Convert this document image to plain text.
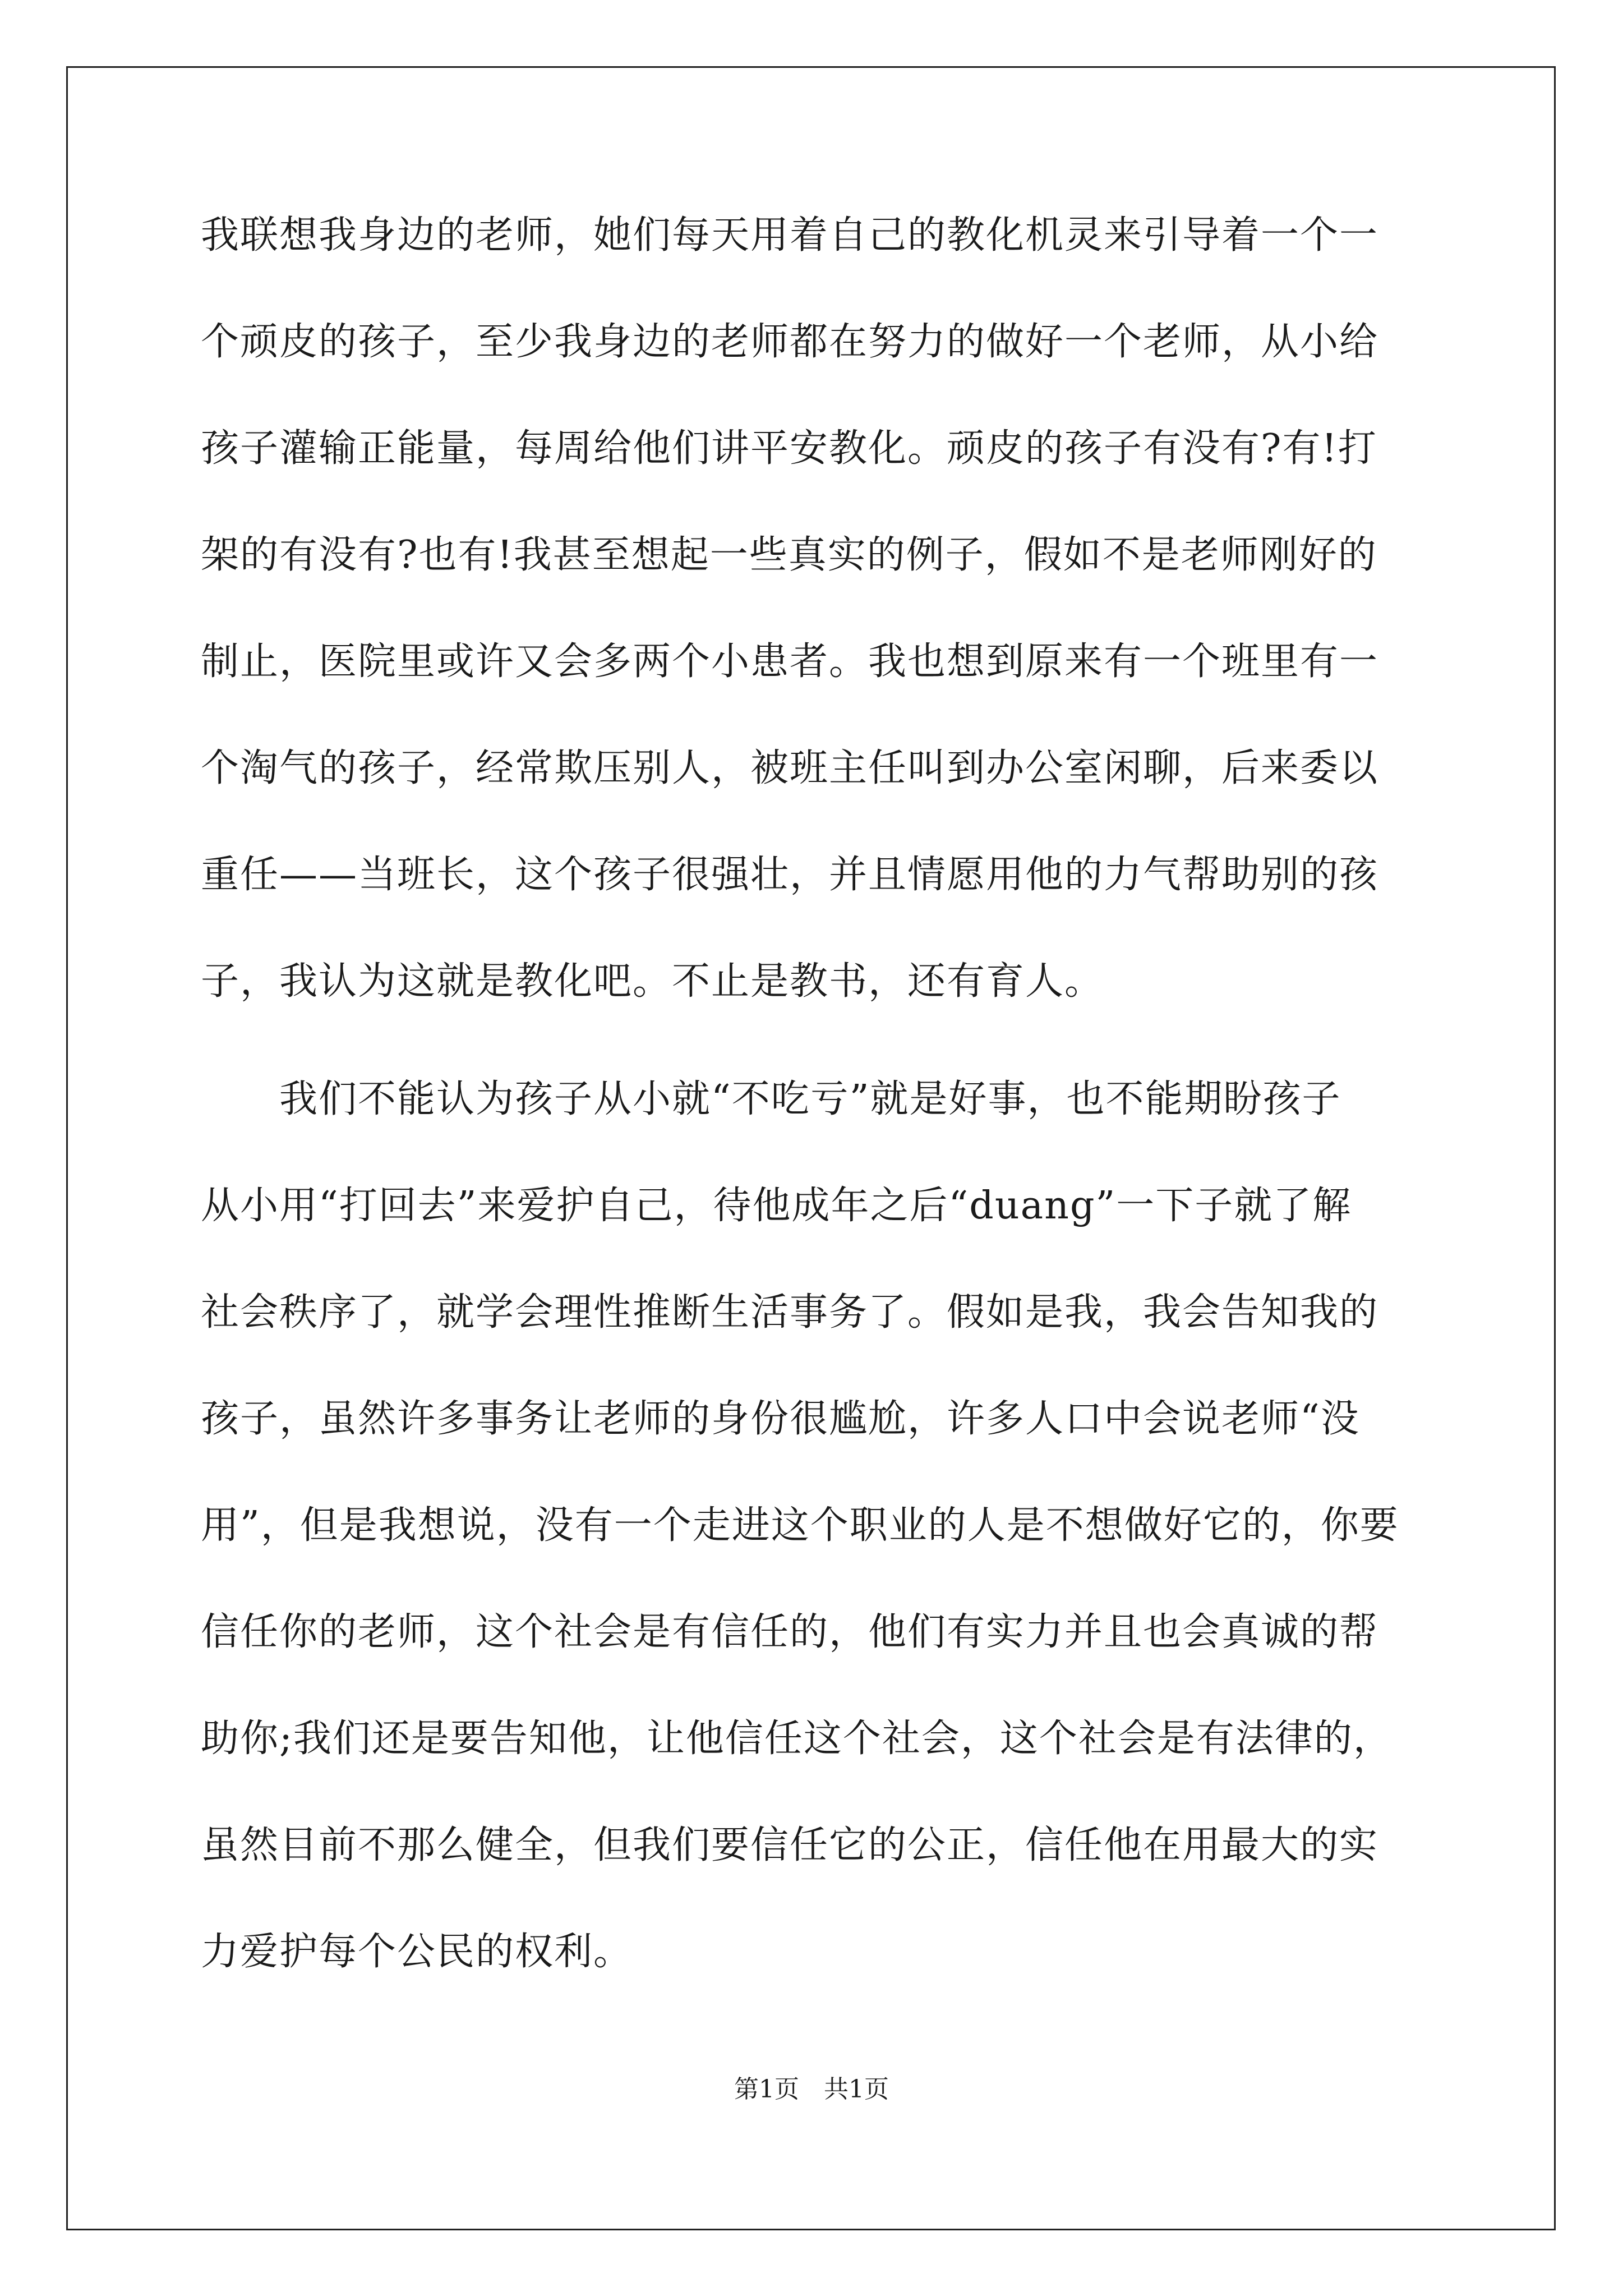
我联想我身边的老师，她们每天用着自己的教化机灵来引导着一个一
个顽皮的孩子，至少我身边的老师都在努力的做好一个老师，从小给
孩子灌输正能量，每周给他们讲平安教化。顽皮的孩子有没有?有!打
架的有没有?也有!我甚至想起一些真实的例子，假如不是老师刚好的
制止，医院里或许又会多两个小患者。我也想到原来有一个班里有一
个淘气的孩子，经常欺压别人，被班主任叫到办公室闲聊，后来委以
重任——当班长，这个孩子很强壮，并且情愿用他的力气帮助别的孩
子，我认为这就是教化吧。不止是教书，还有育人。
　　我们不能认为孩子从小就“不吃亏”就是好事，也不能期盼孩子
从小用“打回去”来爱护自己，待他成年之后“duang”一下子就了解
社会秩序了，就学会理性推断生活事务了。假如是我，我会告知我的
孩子，虽然许多事务让老师的身份很尴尬，许多人口中会说老师“没
用”，但是我想说，没有一个走进这个职业的人是不想做好它的，你要
信任你的老师，这个社会是有信任的，他们有实力并且也会真诚的帮
助你;我们还是要告知他，让他信任这个社会，这个社会是有法律的，
虽然目前不那么健全，但我们要信任它的公正，信任他在用最大的实
力爱护每个公民的权利。
第1页　共1页
